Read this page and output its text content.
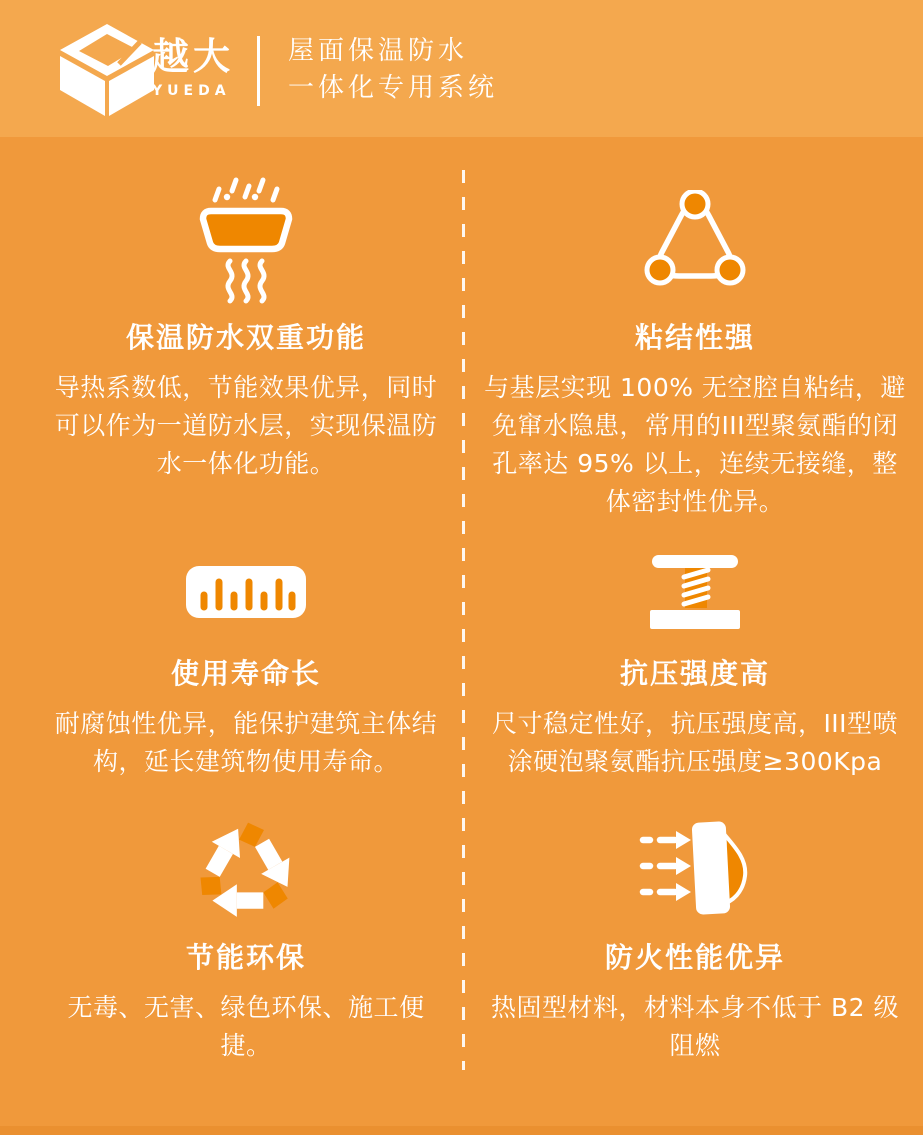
越大
YUEDA
屋面保温防水
一体化专用系统
保温防水双重功能

导热系数低，节能效果优异，同时可以作为一道防水层，实现保温防水一体化功能。

使用寿命长

耐腐蚀性优异，能保护建筑主体结构，延长建筑物使用寿命。

节能环保

无毒、无害、绿色环保、施工便捷。

粘结性强

与基层实现 100% 无空腔自粘结，避免窜水隐患，常用的III型聚氨酯的闭孔率达 95% 以上，连续无接缝，整体密封性优异。

抗压强度高

尺寸稳定性好，抗压强度高，III型喷涂硬泡聚氨酯抗压强度≥300Kpa

防火性能优异

热固型材料，材料本身不低于 B2 级阻燃
